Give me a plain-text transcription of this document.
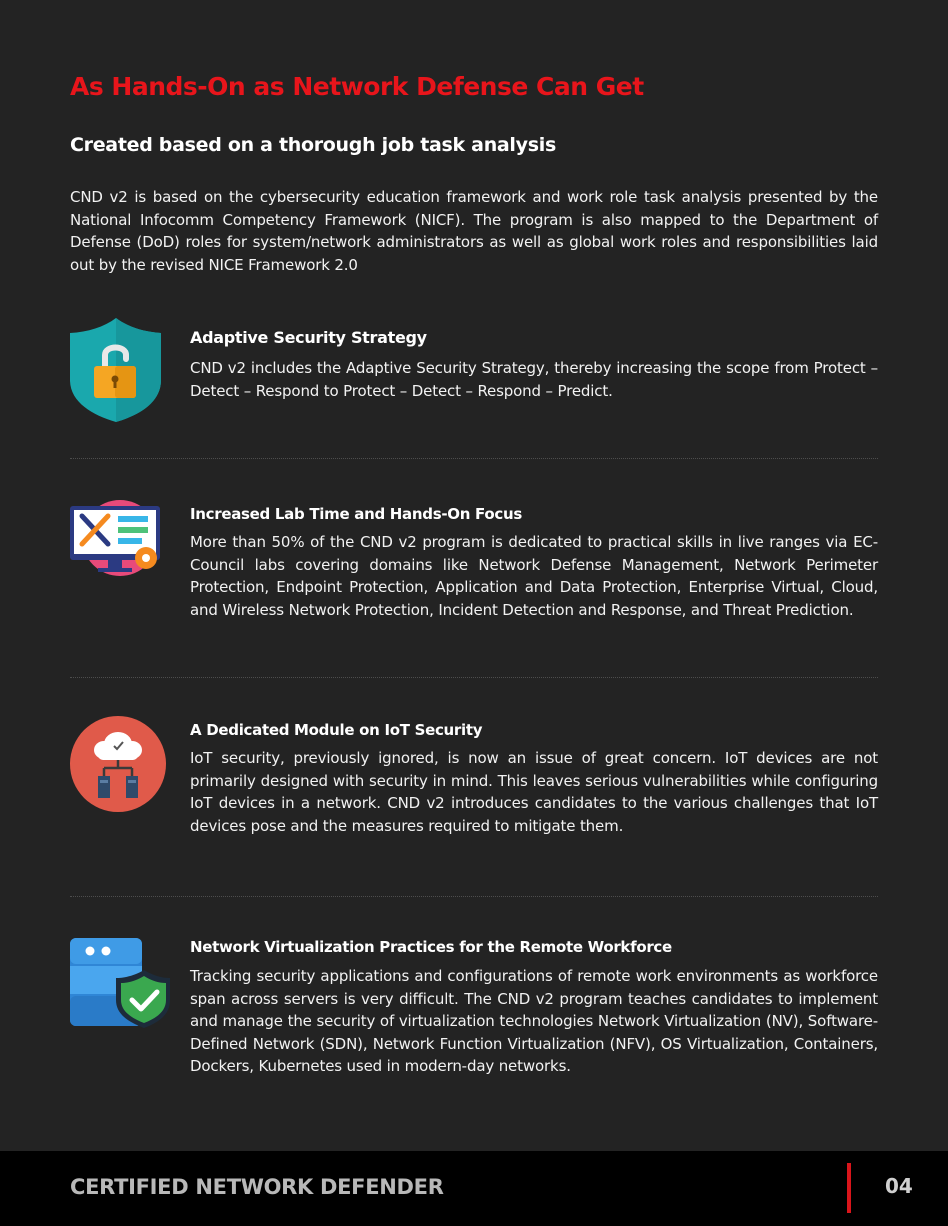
As Hands-On as Network Defense Can Get
Created based on a thorough job task analysis

CND v2 is based on the cybersecurity education framework and work role task analysis presented by the National Infocomm Competency Framework (NICF). The program is also mapped to the Department of Defense (DoD) roles for system/network administrators as well as global work roles and responsibilities laid out by the revised NICE Framework 2.0

Adaptive Security Strategy

CND v2 includes the Adaptive Security Strategy, thereby increasing the scope from Protect – Detect – Respond to Protect – Detect – Respond – Predict.

Increased Lab Time and Hands-On Focus

More than 50% of the CND v2 program is dedicated to practical skills in live ranges via EC-Council labs covering domains like Network Defense Management, Network Perimeter Protection, Endpoint Protection, Application and Data Protection, Enterprise Virtual, Cloud, and Wireless Network Protection, Incident Detection and Response, and Threat Prediction.

A Dedicated Module on IoT Security

IoT security, previously ignored, is now an issue of great concern. IoT devices are not primarily designed with security in mind. This leaves serious vulnerabilities while configuring IoT devices in a network. CND v2 introduces candidates to the various challenges that IoT devices pose and the measures required to mitigate them.

Network Virtualization Practices for the Remote Workforce

Tracking security applications and configurations of remote work environments as workforce span across servers is very difficult. The CND v2 program teaches candidates to implement and manage the security of virtualization technologies Network Virtualization (NV), Software-Defined Network (SDN), Network Function Virtualization (NFV), OS Virtualization, Containers, Dockers, Kubernetes used in modern-day networks.

CERTIFIED NETWORK DEFENDER	04
